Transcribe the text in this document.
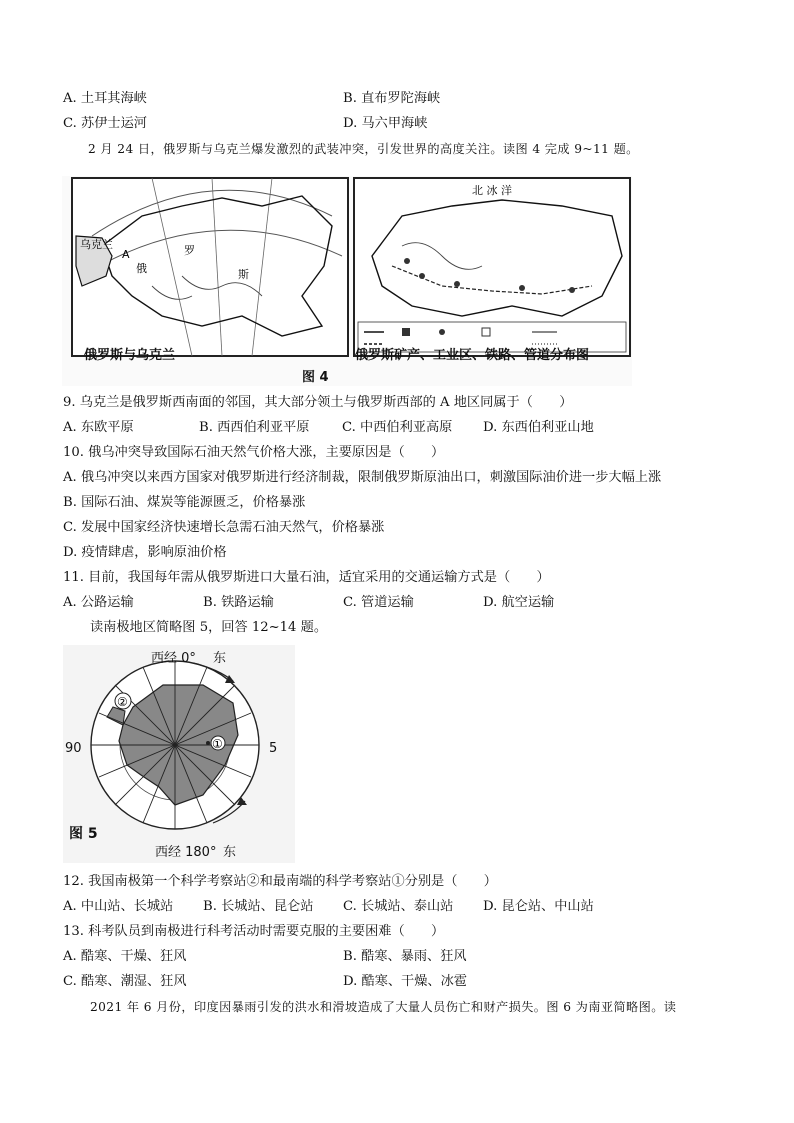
A. 土耳其海峡	B. 直布罗陀海峡
C. 苏伊士运河	D. 马六甲海峡
2 月 24 日，俄罗斯与乌克兰爆发激烈的武装冲突，引发世界的高度关注。读图 4 完成 9~11 题。
乌克兰
A
俄
罗
斯
北 冰 洋
俄罗斯与乌克兰	俄罗斯矿产、工业区、铁路、管道分布图
图 4
9. 乌克兰是俄罗斯西南面的邻国，其大部分领土与俄罗斯西部的 A 地区同属于（　　）
A. 东欧平原	B. 西西伯利亚平原 C. 中西伯利亚高原 D. 东西伯利亚山地
10. 俄乌冲突导致国际石油天然气价格大涨，主要原因是（　　）
A. 俄乌冲突以来西方国家对俄罗斯进行经济制裁，限制俄罗斯原油出口，刺激国际油价进一步大幅上涨
B. 国际石油、煤炭等能源匮乏，价格暴涨
C. 发展中国家经济快速增长急需石油天然气，价格暴涨
D. 疫情肆虐，影响原油价格
11. 目前，我国每年需从俄罗斯进口大量石油，适宜采用的交通运输方式是（　　）
A. 公路运输	B. 铁路运输	C. 管道运输	D. 航空运输
读南极地区简略图 5，回答 12~14 题。
②
①
西经 0° 东
90	5
图 5
西经 180° 东
12. 我国南极第一个科学考察站②和最南端的科学考察站①分别是（　　）
A. 中山站、长城站 B. 长城站、昆仑站 C. 长城站、泰山站 D. 昆仑站、中山站
13. 科考队员到南极进行科考活动时需要克服的主要困难（　　）
A. 酷寒、干燥、狂风	B. 酷寒、暴雨、狂风
C. 酷寒、潮湿、狂风	D. 酷寒、干燥、冰雹
2021 年 6 月份，印度因暴雨引发的洪水和滑坡造成了大量人员伤亡和财产损失。图 6 为南亚简略图。读
